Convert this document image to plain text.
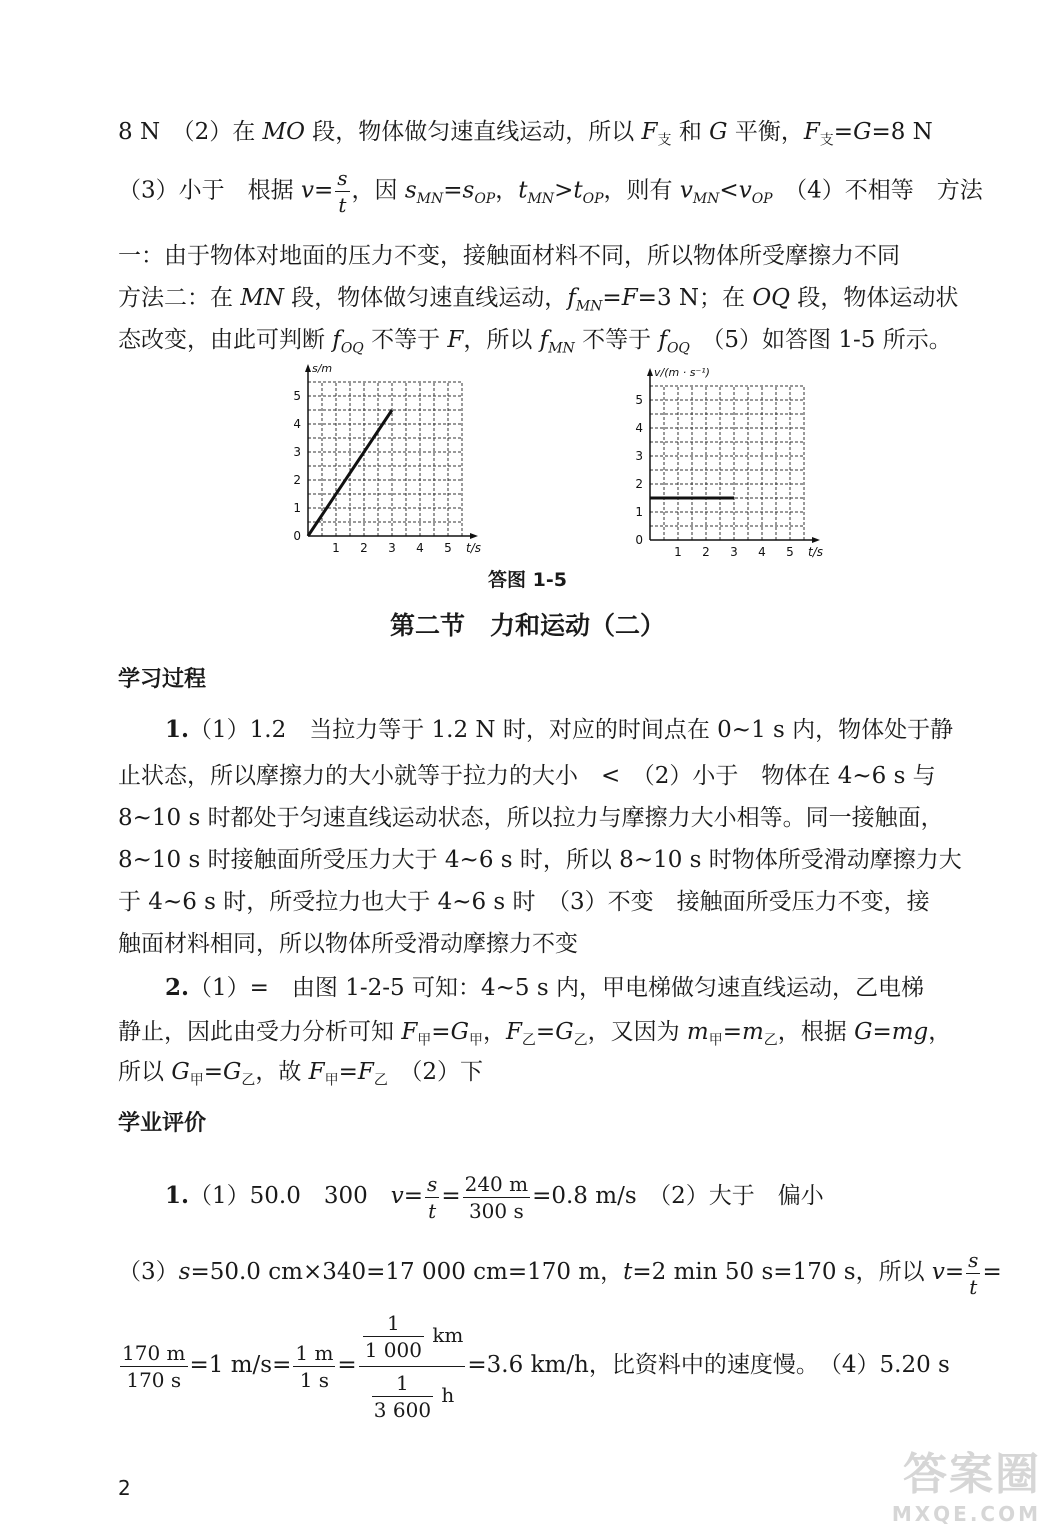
8 N　（2）在 MO 段，物体做匀速直线运动，所以 $F_支$ 和 G 平衡，$F_支=G=8$ N
（3）小于　根据 $v= \frac{s}{t}$ ，因 $s_{MN}=s_{OP}$，$t_{MN}>t_{OP}$，则有 $v_{MN}<v_{OP}$　（4）不相等　方法
一：由于物体对地面的压力不变，接触面材料不同，所以物体所受摩擦力不同
方法二：在 MN 段，物体做匀速直线运动，$f_{MN}=F=3$ N；在 OQ 段，物体运动状
态改变，由此可判断 $f_{OQ}$ 不等于 F，所以 $f_{MN}$ 不等于 $f_{OQ}$　（5）如答图 1-5 所示。
1 2 3 4 5
1
2
3
4
5
0
t/s
s/m
1 2 3 4 5
1
2
3
4
5
0
t/s
v/(m · s⁻¹)
答图 1-5
第二节　力和运动（二）
学习过程
1.（1）1.2　当拉力等于 1.2 N 时，对应的时间点在 0~1 s 内，物体处于静
止状态，所以摩擦力的大小就等于拉力的大小　<　（2）小于　物体在 4~6 s 与
8~10 s 时都处于匀速直线运动状态，所以拉力与摩擦力大小相等。同一接触面，
8~10 s 时接触面所受压力大于 4~6 s 时，所以 8~10 s 时物体所受滑动摩擦力大
于 4~6 s 时，所受拉力也大于 4~6 s 时　（3）不变　接触面所受压力不变，接
触面材料相同，所以物体所受滑动摩擦力不变
2.（1）=　由图 1-2-5 可知：4~5 s 内，甲电梯做匀速直线运动，乙电梯
静止，因此由受力分析可知 $F_甲=G_甲$，$F_乙=G_乙$，又因为 $m_甲=m_乙$，根据 G=mg，
所以 $G_甲=G_乙$，故 $F_甲=F_乙$　（2）下
学业评价
1.（1）50.0　300　$v= \frac{s}{t} = \frac{240 m}{300 s} =0.8$ m/s　（2）大于　偏小
（3）s=50.0 cm×340=17 000 cm=170 m，t=2 min 50 s=170 s，所以 $v= \frac{s}{t}$ =
$\frac{170 m}{170 s} =1$ $m/s= \frac{1 m}{1 s} = \frac{\frac{1}{1 000} km}{\frac{1}{3 600} h} =3.6$ km/h，比资料中的速度慢。　（4）5.20 s
2	答案圈
MXQE.COM
